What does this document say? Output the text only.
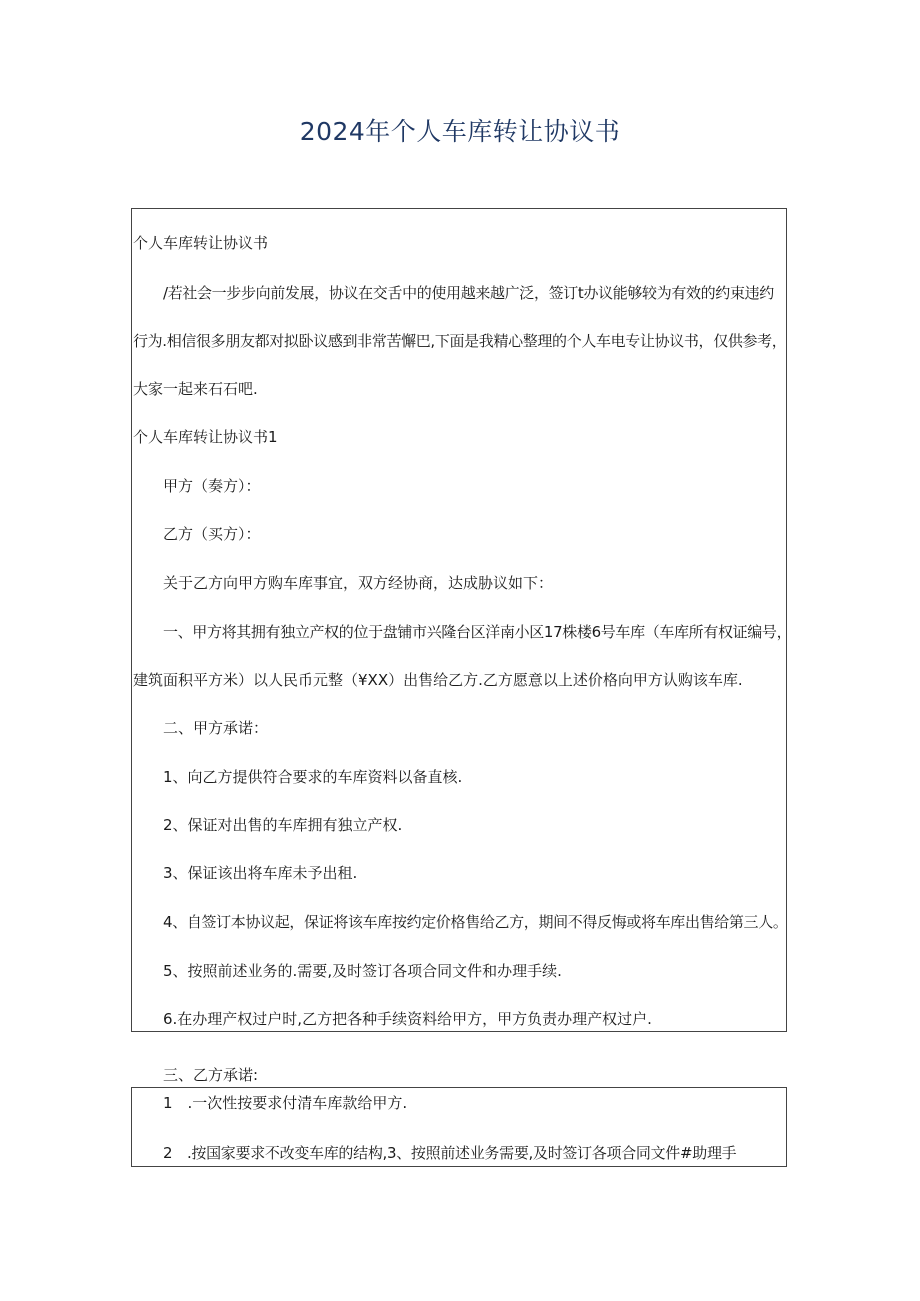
2024年个人车库转让协议书
个人车库转让协议书
/若社会一步步向前发展，协议在交舌中的使用越来越广泛，签订t办议能够较为有效的约束违约
行为.相信很多朋友都对拟卧议感到非常苦懈巴,下面是我精心整理的个人车电专让协议书，仅供参考，
大家一起来石石吧.
个人车库转让协议书1
甲方（奏方）：
乙方（买方）：
关于乙方向甲方购车库事宜，双方经协商，达成胁议如下：
一、甲方将其拥有独立产权的位于盘铺市兴隆台区洋南小区17株楼6号车库（车库所有权证编号，
建筑面积平方米）以人民币元整（¥XX）出售给乙方.乙方愿意以上述价格向甲方认购该车库.
二、甲方承诺：
1、向乙方提供符合要求的车库资料以备直核.
2、保证对出售的车库拥有独立产权.
3、保证该出将车库未予出租.
4、自签订本协议起，保证将该车库按约定价格售给乙方，期间不得反悔或将车库出售给第三人。
5、按照前述业务的.需要,及时签订各项合同文件和办理手续.
6.在办理产权过户时,乙方把各种手续资料给甲方，甲方负责办理产权过户.
三、乙方承诺:
1　.一次性按要求付清车库款给甲方.
2　.按国家要求不改变车库的结构,3、按照前述业务需要,及时签订各项合同文件#助理手
